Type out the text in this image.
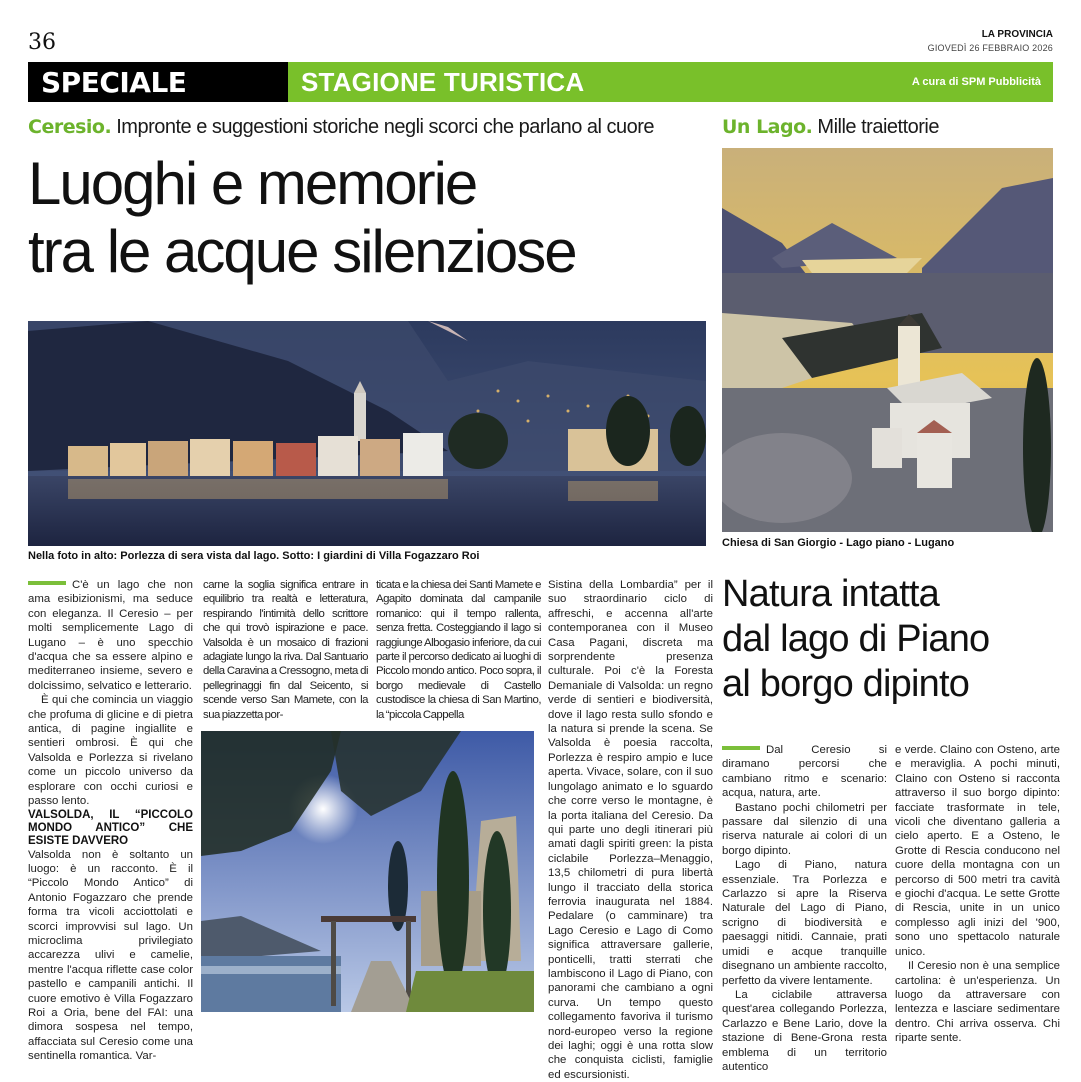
36	LA PROVINCIA
GIOVEDÌ 26 FEBBRAIO 2026
SPECIALE	STAGIONE TURISTICA	A cura di SPM Pubblicità
Ceresio. Impronte e suggestioni storiche negli scorci che parlano al cuore
Luoghi e memorie
tra le acque silenziose
Nella foto in alto: Porlezza di sera vista dal lago. Sotto: I giardini di Villa Fogazzaro Roi

C'è un lago che non ama esibizionismi, ma seduce con eleganza. Il Ceresio – per molti semplicemente Lago di Lugano – è uno specchio d'acqua che sa essere alpino e mediterraneo insieme, severo e dolcissimo, selvatico e letterario.

È qui che comincia un viaggio che profuma di glicine e di pietra antica, di pagine ingiallite e sentieri ombrosi. È qui che Valsolda e Porlezza si rivelano come un piccolo universo da esplorare con occhi curiosi e passo lento.

VALSOLDA, IL “PICCOLO MONDO ANTICO” CHE ESISTE DAVVERO

Valsolda non è soltanto un luogo: è un racconto. È il “Piccolo Mondo Antico” di Antonio Fogazzaro che prende forma tra vicoli acciottolati e scorci improvvisi sul lago. Un microclima privilegiato accarezza ulivi e camelie, mentre l'acqua riflette case color pastello e campanili antichi. Il cuore emotivo è Villa Fogazzaro Roi a Oria, bene del FAI: una dimora sospesa nel tempo, affacciata sul Ceresio come una sentinella romantica. Var-

carne la soglia significa entrare in equilibrio tra realtà e letteratura, respirando l'intimità dello scrittore che qui trovò ispirazione e pace. Valsolda è un mosaico di frazioni adagiate lungo la riva. Dal Santuario della Caravina a Cressogno, meta di pellegrinaggi fin dal Seicento, si scende verso San Mamete, con la sua piazzetta por-

ticata e la chiesa dei Santi Mamete e Agapito dominata dal campanile romanico: qui il tempo rallenta, senza fretta. Costeggiando il lago si raggiunge Albogasio inferiore, da cui parte il percorso dedicato ai luoghi di Piccolo mondo antico. Poco sopra, il borgo medievale di Castello custodisce la chiesa di San Martino, la “piccola Cappella

Sistina della Lombardia” per il suo straordinario ciclo di affreschi, e accenna all'arte contemporanea con il Museo Casa Pagani, discreta ma sorprendente presenza culturale. Poi c'è la Foresta Demaniale di Valsolda: un regno verde di sentieri e biodiversità, dove il lago resta sullo sfondo e la natura si prende la scena. Se Valsolda è poesia raccolta, Porlezza è respiro ampio e luce aperta. Vivace, solare, con il suo lungolago animato e lo sguardo che corre verso le montagne, è la porta italiana del Ceresio. Da qui parte uno degli itinerari più amati dagli spiriti green: la pista ciclabile Porlezza–Menaggio, 13,5 chilometri di pura libertà lungo il tracciato della storica ferrovia inaugurata nel 1884. Pedalare (o camminare) tra Lago Ceresio e Lago di Como significa attraversare gallerie, ponticelli, tratti sterrati che lambiscono il Lago di Piano, con panorami che cambiano a ogni curva. Un tempo questo collegamento favoriva il turismo nord-europeo verso la regione dei laghi; oggi è una rotta slow che conquista ciclisti, famiglie ed escursionisti.

Un Lago. Mille traiettorie
Chiesa di San Giorgio - Lago piano - Lugano
Natura intatta
dal lago di Piano
al borgo dipinto

Dal Ceresio si diramano percorsi che cambiano ritmo e scenario: acqua, natura, arte.

Bastano pochi chilometri per passare dal silenzio di una riserva naturale ai colori di un borgo dipinto.

Lago di Piano, natura essenziale. Tra Porlezza e Carlazzo si apre la Riserva Naturale del Lago di Piano, scrigno di biodiversità e paesaggi nitidi. Cannaie, prati umidi e acque tranquille disegnano un ambiente raccolto, perfetto da vivere lentamente.

La ciclabile attraversa quest'area collegando Porlezza, Carlazzo e Bene Lario, dove la stazione di Bene-Grona resta emblema di un territorio autentico

e verde. Claino con Osteno, arte e meraviglia. A pochi minuti, Claino con Osteno si racconta attraverso il suo borgo dipinto: facciate trasformate in tele, vicoli che diventano galleria a cielo aperto. E a Osteno, le Grotte di Rescia conducono nel cuore della montagna con un percorso di 500 metri tra cavità e giochi d'acqua. Le sette Grotte di Rescia, unite in un unico complesso agli inizi del '900, sono uno spettacolo naturale unico.

Il Ceresio non è una semplice cartolina: è un'esperienza. Un luogo da attraversare con lentezza e lasciare sedimentare dentro. Chi arriva osserva. Chi riparte sente.
